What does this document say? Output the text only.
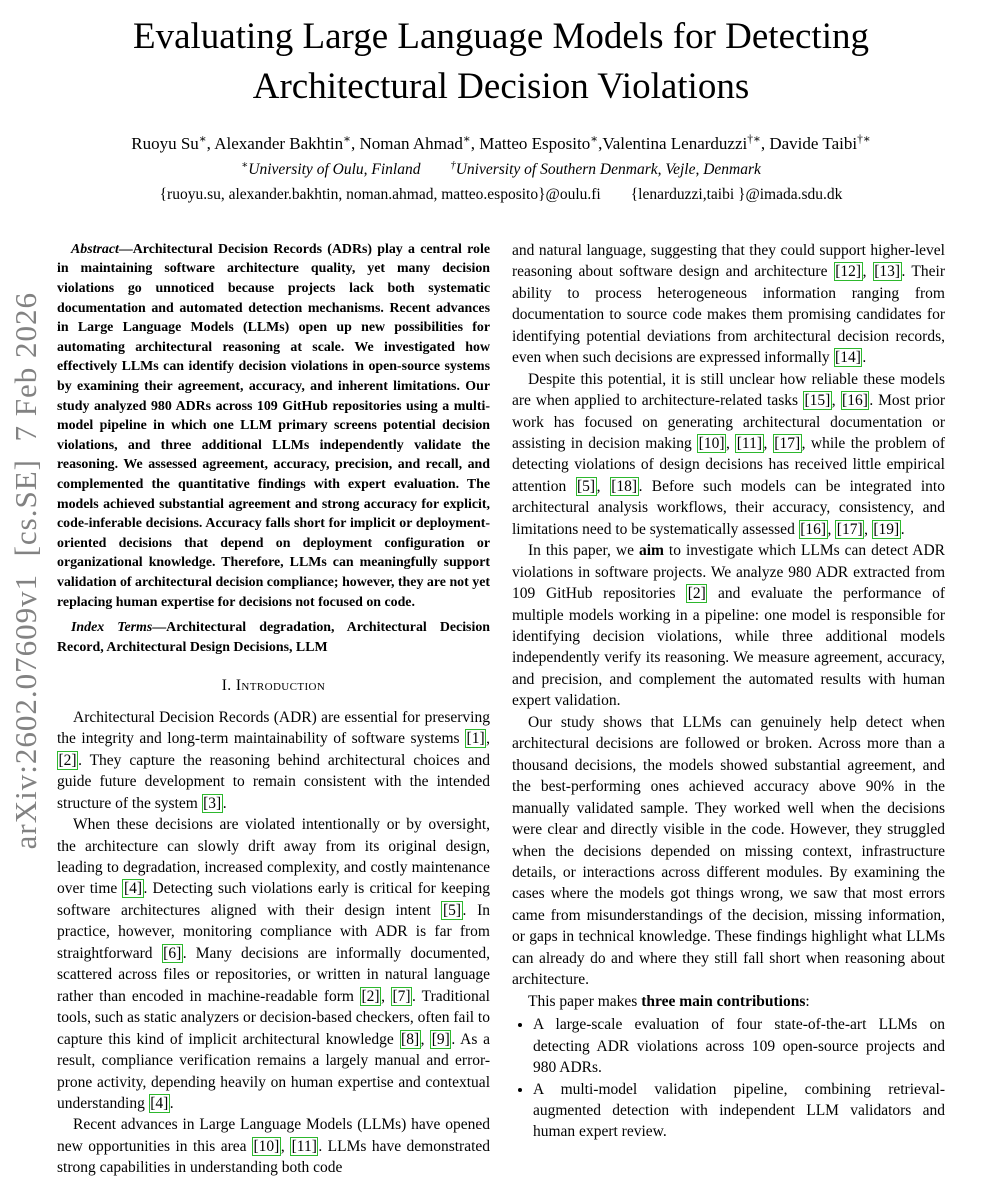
arXiv:2602.07609v1  [cs.SE]  7 Feb 2026
Evaluating Large Language Models for Detecting Architectural Decision Violations
Ruoyu Su∗, Alexander Bakhtin∗, Noman Ahmad∗, Matteo Esposito∗,Valentina Lenarduzzi†∗, Davide Taibi†∗
∗University of Oulu, Finland	†University of Southern Denmark, Vejle, Denmark
{ruoyu.su, alexander.bakhtin, noman.ahmad, matteo.esposito}@oulu.fi {lenarduzzi,taibi }@imada.sdu.dk

Abstract—Architectural Decision Records (ADRs) play a central role in maintaining software architecture quality, yet many decision violations go unnoticed because projects lack both systematic documentation and automated detection mechanisms. Recent advances in Large Language Models (LLMs) open up new possibilities for automating architectural reasoning at scale. We investigated how effectively LLMs can identify decision violations in open-source systems by examining their agreement, accuracy, and inherent limitations. Our study analyzed 980 ADRs across 109 GitHub repositories using a multi-model pipeline in which one LLM primary screens potential decision violations, and three additional LLMs independently validate the reasoning. We assessed agreement, accuracy, precision, and recall, and complemented the quantitative findings with expert evaluation. The models achieved substantial agreement and strong accuracy for explicit, code-inferable decisions. Accuracy falls short for implicit or deployment-oriented decisions that depend on deployment configuration or organizational knowledge. Therefore, LLMs can meaningfully support validation of architectural decision compliance; however, they are not yet replacing human expertise for decisions not focused on code.

Index Terms—Architectural degradation, Architectural Decision Record, Architectural Design Decisions, LLM

I. Introduction

Architectural Decision Records (ADR) are essential for preserving the integrity and long-term maintainability of software systems [1], [2]. They capture the reasoning behind architectural choices and guide future development to remain consistent with the intended structure of the system [3].

When these decisions are violated intentionally or by oversight, the architecture can slowly drift away from its original design, leading to degradation, increased complexity, and costly maintenance over time [4]. Detecting such violations early is critical for keeping software architectures aligned with their design intent [5]. In practice, however, monitoring compliance with ADR is far from straightforward [6]. Many decisions are informally documented, scattered across files or repositories, or written in natural language rather than encoded in machine-readable form [2], [7]. Traditional tools, such as static analyzers or decision-based checkers, often fail to capture this kind of implicit architectural knowledge [8], [9]. As a result, compliance verification remains a largely manual and error-prone activity, depending heavily on human expertise and contextual understanding [4].

Recent advances in Large Language Models (LLMs) have opened new opportunities in this area [10], [11]. LLMs have demonstrated strong capabilities in understanding both code

and natural language, suggesting that they could support higher-level reasoning about software design and architecture [12], [13]. Their ability to process heterogeneous information ranging from documentation to source code makes them promising candidates for identifying potential deviations from architectural decision records, even when such decisions are expressed informally [14].

Despite this potential, it is still unclear how reliable these models are when applied to architecture-related tasks [15], [16]. Most prior work has focused on generating architectural documentation or assisting in decision making [10], [11], [17], while the problem of detecting violations of design decisions has received little empirical attention [5], [18]. Before such models can be integrated into architectural analysis workflows, their accuracy, consistency, and limitations need to be systematically assessed [16], [17], [19].

In this paper, we aim to investigate which LLMs can detect ADR violations in software projects. We analyze 980 ADR extracted from 109 GitHub repositories [2] and evaluate the performance of multiple models working in a pipeline: one model is responsible for identifying decision violations, while three additional models independently verify its reasoning. We measure agreement, accuracy, and precision, and complement the automated results with human expert validation.

Our study shows that LLMs can genuinely help detect when architectural decisions are followed or broken. Across more than a thousand decisions, the models showed substantial agreement, and the best-performing ones achieved accuracy above 90% in the manually validated sample. They worked well when the decisions were clear and directly visible in the code. However, they struggled when the decisions depended on missing context, infrastructure details, or interactions across different modules. By examining the cases where the models got things wrong, we saw that most errors came from misunderstandings of the decision, missing information, or gaps in technical knowledge. These findings highlight what LLMs can already do and where they still fall short when reasoning about architecture.

This paper makes three main contributions:

• A large-scale evaluation of four state-of-the-art LLMs on detecting ADR violations across 109 open-source projects and 980 ADRs.
• A multi-model validation pipeline, combining retrieval-augmented detection with independent LLM validators and human expert review.
